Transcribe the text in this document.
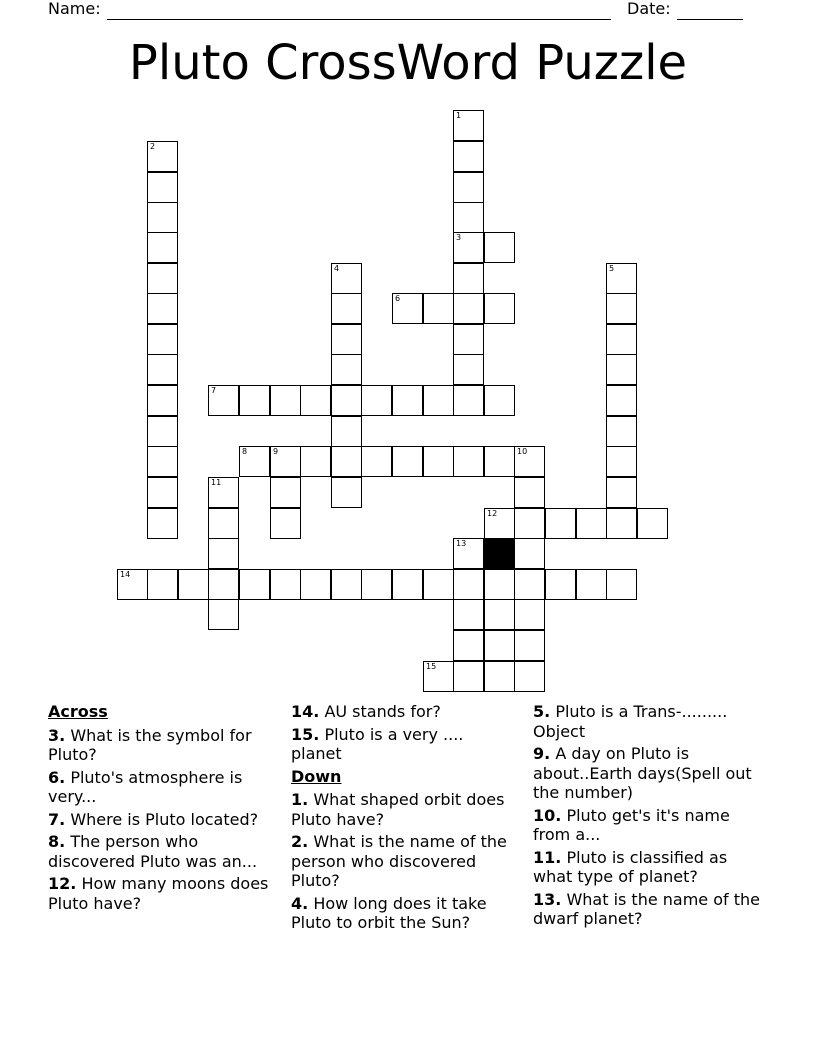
Name:	Date:
Pluto CrossWord Puzzle
1
3
2
4	5
6
7
8	9	10
11
13
14
15
12
Across
3. What is the symbol for Pluto?
6. Pluto's atmosphere is very...
7. Where is Pluto located?
8. The person who discovered Pluto was an...
12. How many moons does Pluto have?
14. AU stands for?
15. Pluto is a very .... planet
Down
1. What shaped orbit does Pluto have?
2. What is the name of the person who discovered Pluto?
4. How long does it take Pluto to orbit the Sun?
5. Pluto is a Trans-......... Object
9. A day on Pluto is about..Earth days(Spell out the number)
10. Pluto get's it's name from a...
11. Pluto is classified as what type of planet?
13. What is the name of the dwarf planet?
